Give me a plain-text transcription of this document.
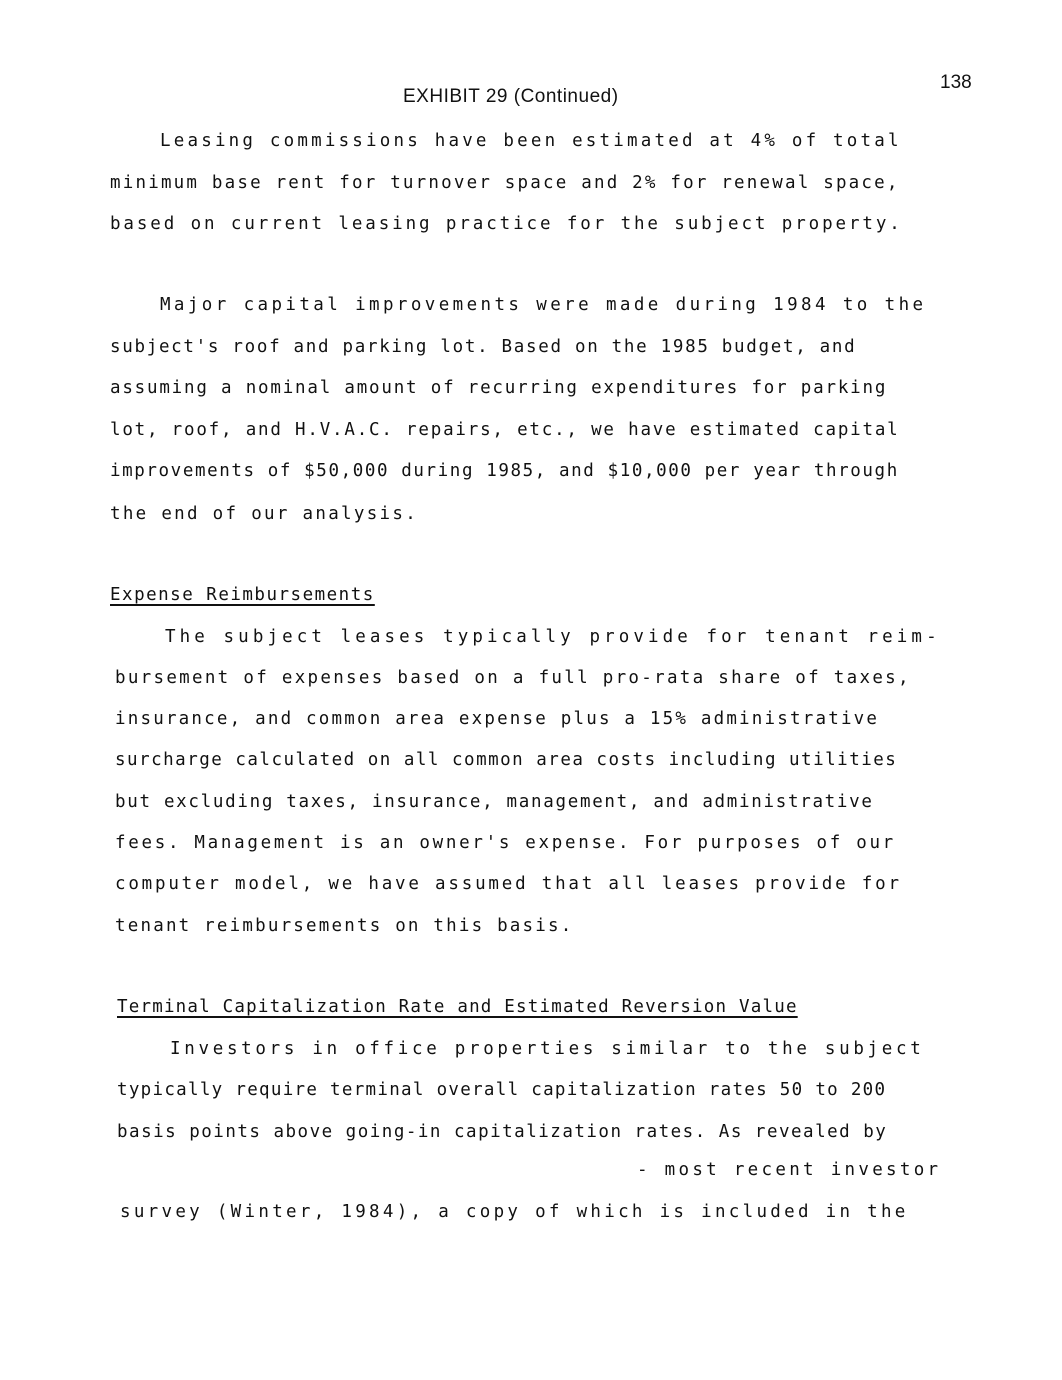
138
EXHIBIT 29 (Continued)
Leasing commissions have been estimated at 4% of total
minimum base rent for turnover space and 2% for renewal space,
based on current leasing practice for the subject property.
Major capital improvements were made during 1984 to the
subject's roof and parking lot. Based on the 1985 budget, and
assuming a nominal amount of recurring expenditures for parking
lot, roof, and H.V.A.C. repairs, etc., we have estimated capital
improvements of $50,000 during 1985, and $10,000 per year through
the end of our analysis.
Expense Reimbursements
The subject leases typically provide for tenant reim-
bursement of expenses based on a full pro-rata share of taxes,
insurance, and common area expense plus a 15% administrative
surcharge calculated on all common area costs including utilities
but excluding taxes, insurance, management, and administrative
fees. Management is an owner's expense. For purposes of our
computer model, we have assumed that all leases provide for
tenant reimbursements on this basis.
Terminal Capitalization Rate and Estimated Reversion Value
Investors in office properties similar to the subject
typically require terminal overall capitalization rates 50 to 200
basis points above going-in capitalization rates. As revealed by
- most recent investor
survey (Winter, 1984), a copy of which is included in the
